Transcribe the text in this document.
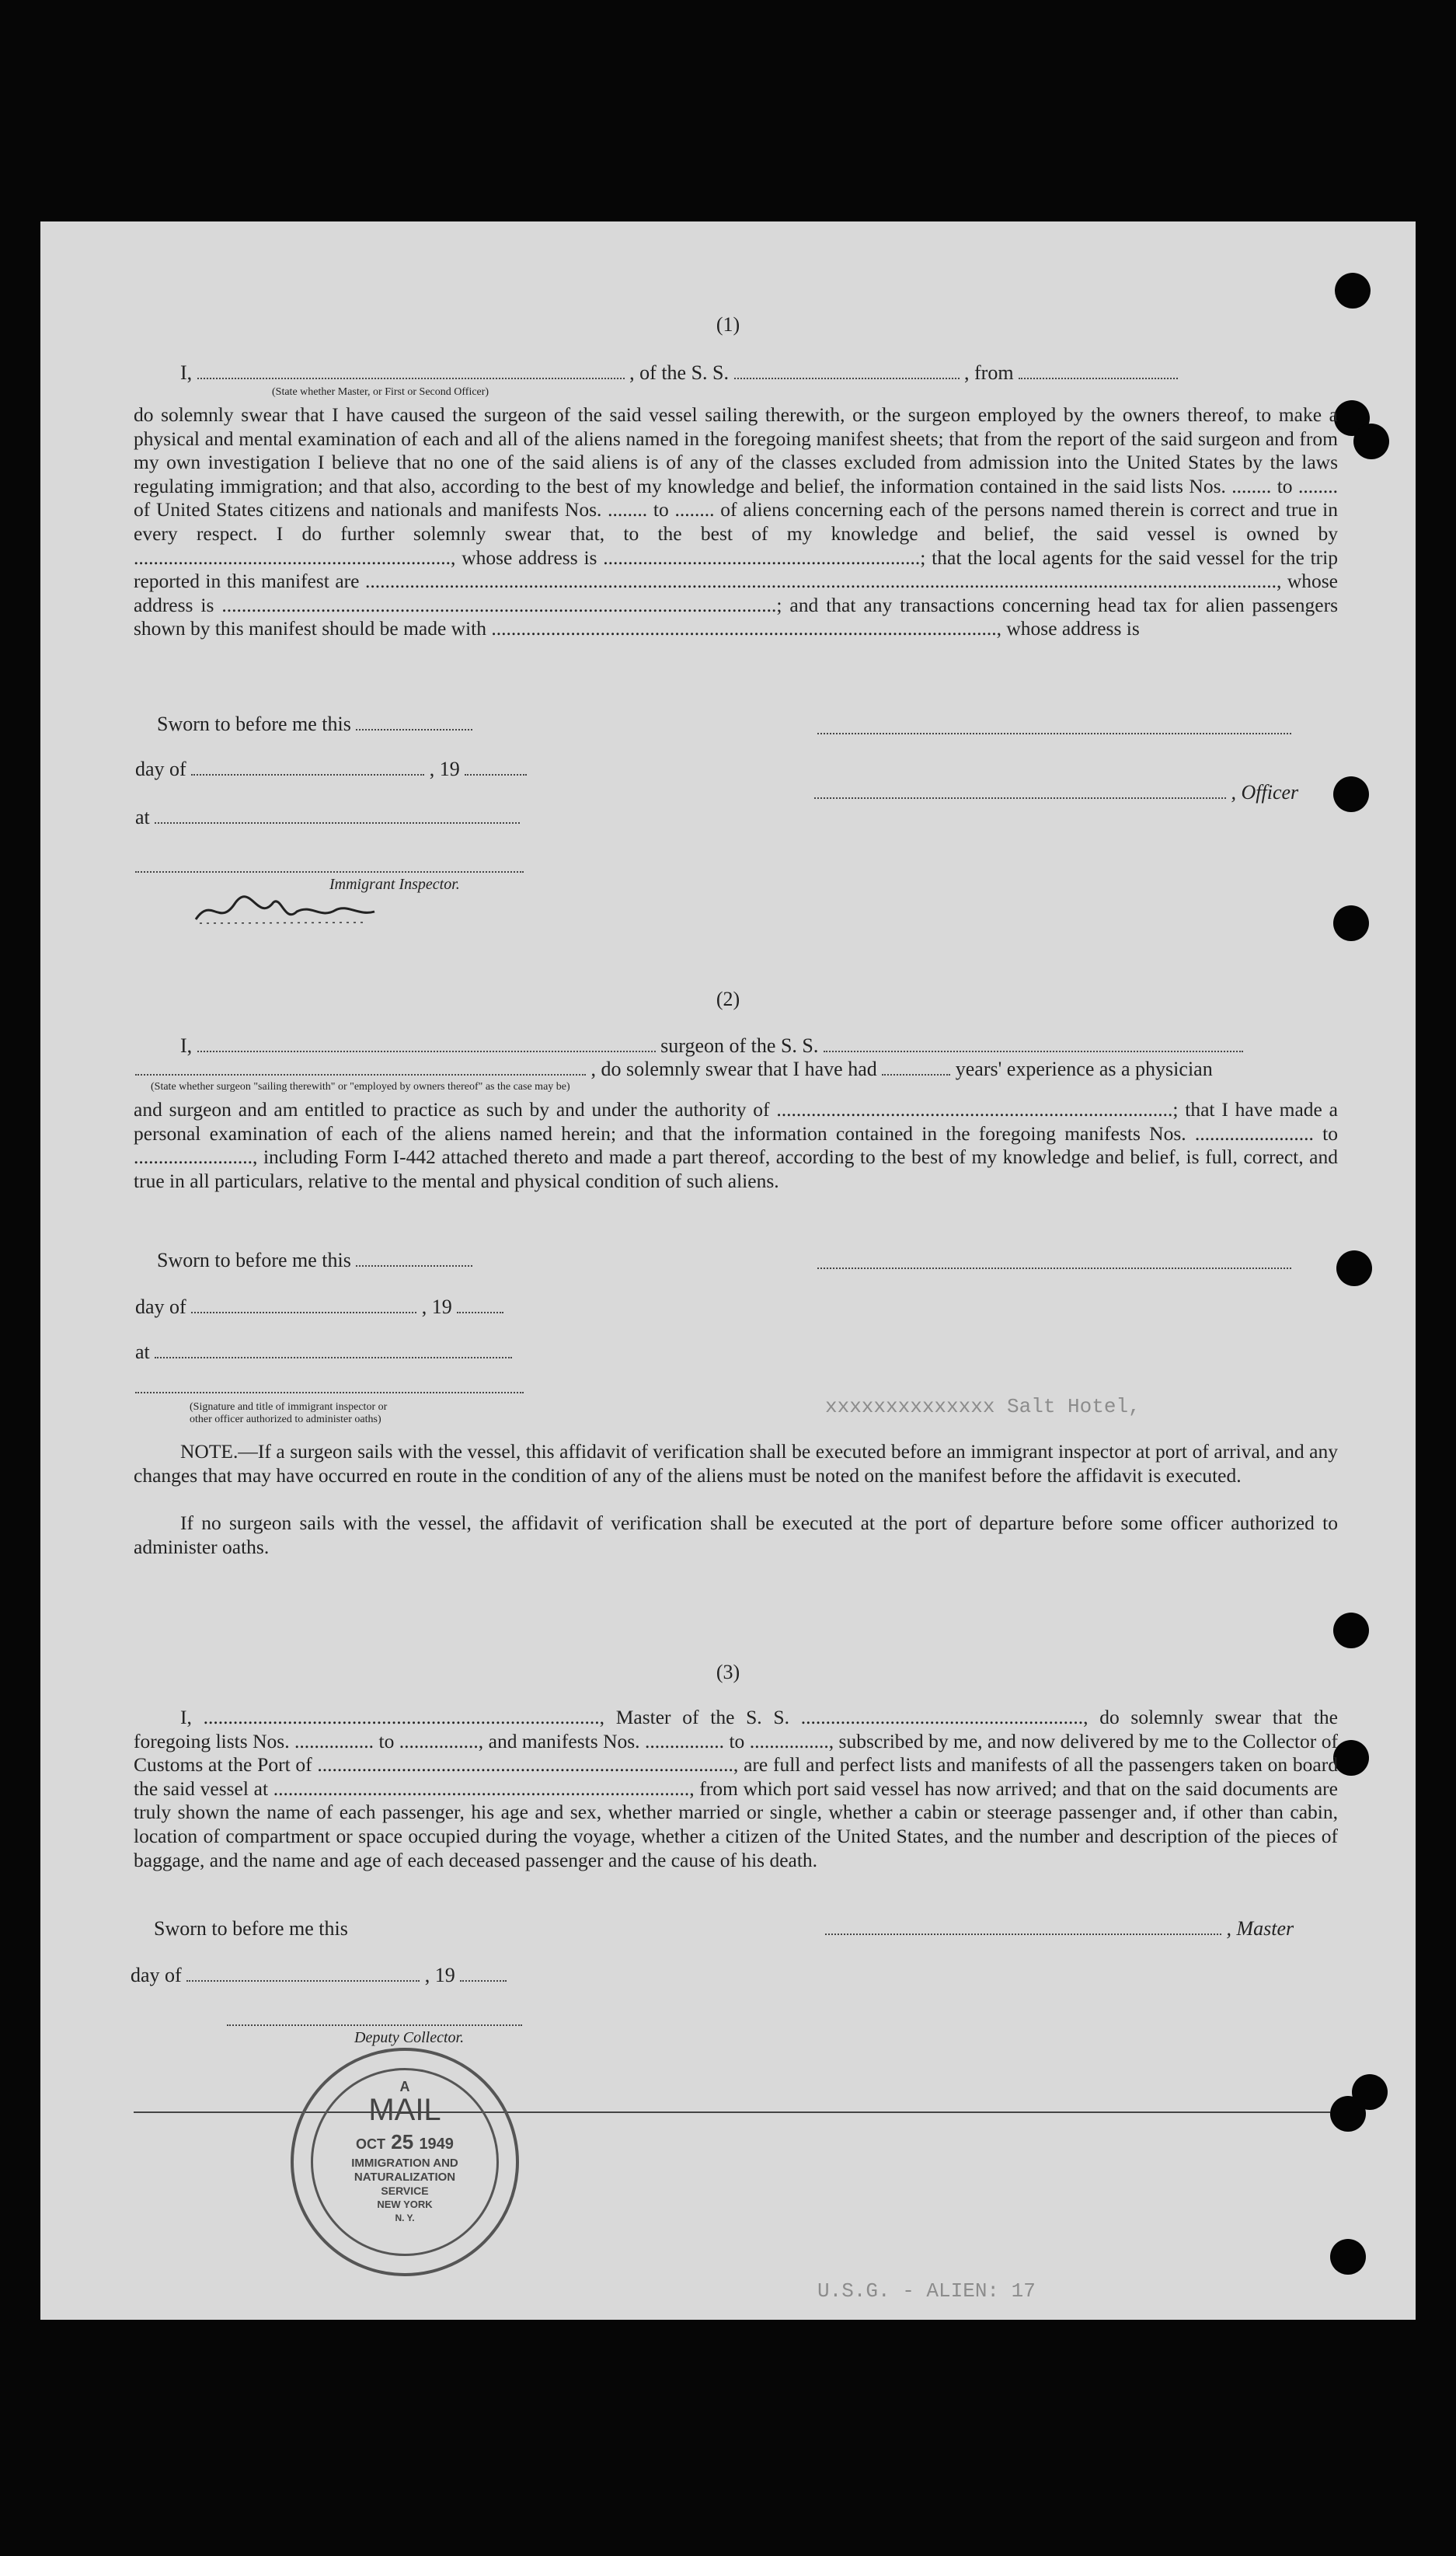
xxxxxxxxxxxxxx Salt Hotel,
U.S.G. - ALIEN: 17
(1)
I,	, of the S. S.	, from
(State whether Master, or First or Second Officer)
do solemnly swear that I have caused the surgeon of the said vessel sailing therewith, or the surgeon employed by the owners thereof, to make a physical and mental examination of each and all of the aliens named in the foregoing manifest sheets; that from the report of the said surgeon and from my own investigation I believe that no one of the said aliens is of any of the classes excluded from admission into the United States by the laws regulating immigration; and that also, according to the best of my knowledge and belief, the information contained in the said lists Nos. ........ to ........ of United States citizens and nationals and manifests Nos. ........ to ........ of aliens concerning each of the persons named therein is correct and true in every respect. I do further solemnly swear that, to the best of my knowledge and belief, the said vessel is owned by ................................................................, whose address is ................................................................; that the local agents for the said vessel for the trip reported in this manifest are ........................................................................................................................................................................................, whose address is ................................................................................................................; and that any transactions concerning head tax for alien passengers shown by this manifest should be made with ......................................................................................................, whose address is
Sworn to before me this
day of	, 19
, Officer
at
Immigrant Inspector.
(2)
I,	surgeon of the S. S.
, do solemnly swear that I have had	years' experience as a physician
(State whether surgeon "sailing therewith" or "employed by owners thereof" as the case may be)
and surgeon and am entitled to practice as such by and under the authority of ................................................................................; that I have made a personal examination of each of the aliens named herein; and that the information contained in the foregoing manifests Nos. ........................ to ........................, including Form I-442 attached thereto and made a part thereof, according to the best of my knowledge and belief, is full, correct, and true in all particulars, relative to the mental and physical condition of such aliens.
Sworn to before me this
day of	, 19
at
(Signature and title of immigrant inspector or
other officer authorized to administer oaths)
NOTE.—If a surgeon sails with the vessel, this affidavit of verification shall be executed before an immigrant inspector at port of arrival, and any changes that may have occurred en route in the condition of any of the aliens must be noted on the manifest before the affidavit is executed.
If no surgeon sails with the vessel, the affidavit of verification shall be executed at the port of departure before some officer authorized to administer oaths.
(3)
I, ................................................................................, Master of the S. S. ........................................................., do solemnly swear that the foregoing lists Nos. ................ to ................, and manifests Nos. ................ to ................, subscribed by me, and now delivered by me to the Collector of Customs at the Port of ...................................................................................., are full and perfect lists and manifests of all the passengers taken on board the said vessel at ...................................................................................., from which port said vessel has now arrived; and that on the said documents are truly shown the name of each passenger, his age and sex, whether married or single, whether a cabin or steerage passenger and, if other than cabin, location of compartment or space occupied during the voyage, whether a citizen of the United States, and the number and description of the pieces of baggage, and the name and age of each deceased passenger and the cause of his death.
Sworn to before me this	, Master
day of	, 19
Deputy Collector.
A
MAIL
OCT 25 1949
IMMIGRATION AND
NATURALIZATION
SERVICE
NEW YORK
N. Y.
